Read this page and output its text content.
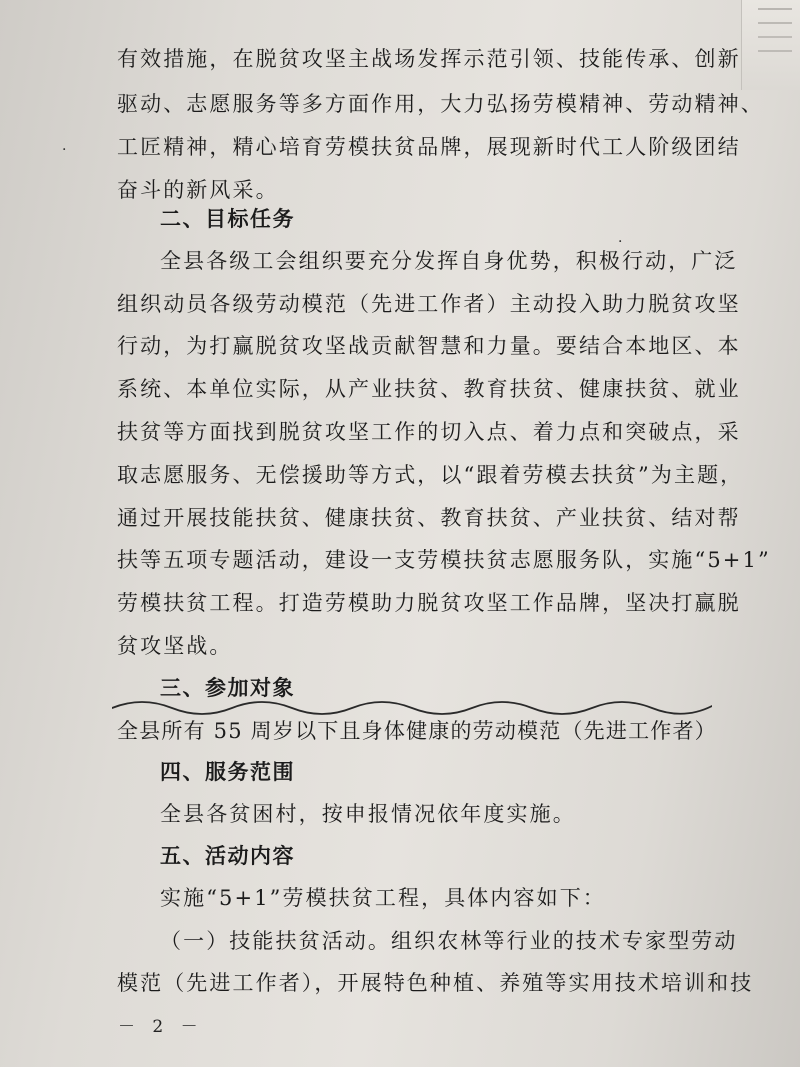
有效措施，在脱贫攻坚主战场发挥示范引领、技能传承、创新
驱动、志愿服务等多方面作用，大力弘扬劳模精神、劳动精神、
工匠精神，精心培育劳模扶贫品牌，展现新时代工人阶级团结
奋斗的新风采。
二、目标任务
全县各级工会组织要充分发挥自身优势，积极行动，广泛
组织动员各级劳动模范（先进工作者）主动投入助力脱贫攻坚
行动，为打赢脱贫攻坚战贡献智慧和力量。要结合本地区、本
系统、本单位实际，从产业扶贫、教育扶贫、健康扶贫、就业
扶贫等方面找到脱贫攻坚工作的切入点、着力点和突破点，采
取志愿服务、无偿援助等方式，以“跟着劳模去扶贫”为主题，
通过开展技能扶贫、健康扶贫、教育扶贫、产业扶贫、结对帮
扶等五项专题活动，建设一支劳模扶贫志愿服务队，实施“5+1”
劳模扶贫工程。打造劳模助力脱贫攻坚工作品牌，坚决打赢脱
贫攻坚战。
三、参加对象
全县所有 55 周岁以下且身体健康的劳动模范（先进工作者）
四、服务范围
全县各贫困村，按申报情况依年度实施。
五、活动内容
实施“5+1”劳模扶贫工程，具体内容如下：
（一）技能扶贫活动。组织农林等行业的技术专家型劳动
模范（先进工作者），开展特色种植、养殖等实用技术培训和技
·
·
－ 2 －
